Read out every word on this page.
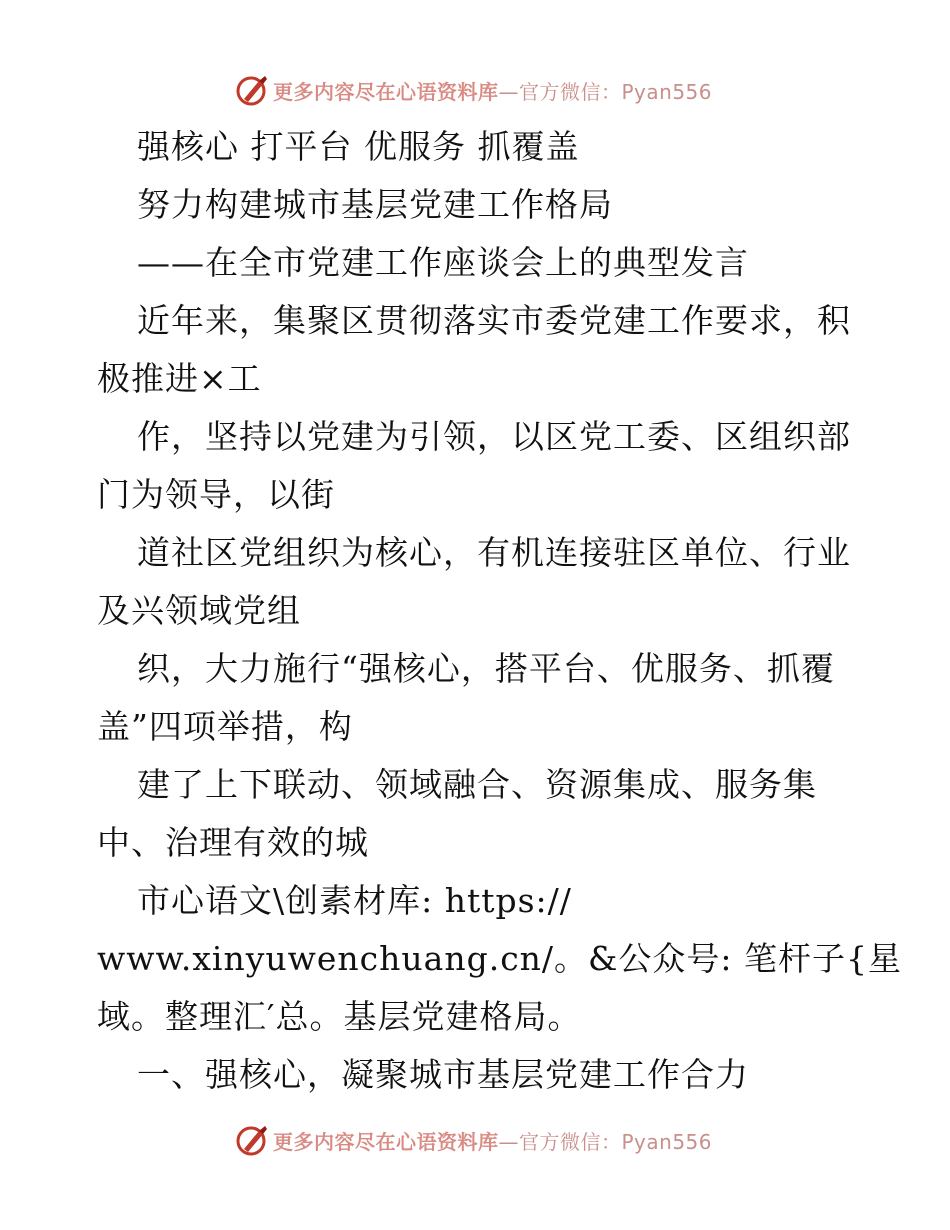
更多内容尽在心语资料库 —官方微信：Pyan556
强核心 打平台 优服务 抓覆盖
努力构建城市基层党建工作格局
——在全市党建工作座谈会上的典型发言
近年来，集聚区贯彻落实市委党建工作要求，积
极推进×工
作，坚持以党建为引领，以区党工委、区组织部
门为领导，以街
道社区党组织为核心，有机连接驻区单位、行业
及兴领域党组
织，大力施行“强核心，搭平台、优服务、抓覆
盖”四项举措，构
建了上下联动、领域融合、资源集成、服务集
中、治理有效的城
市心语文\创素材库: https://
www.xinyuwenchuang.cn/。&公众号: 笔杆子{星
域。整理汇′总。基层党建格局。
一、强核心，凝聚城市基层党建工作合力
更多内容尽在心语资料库 —官方微信：Pyan556
